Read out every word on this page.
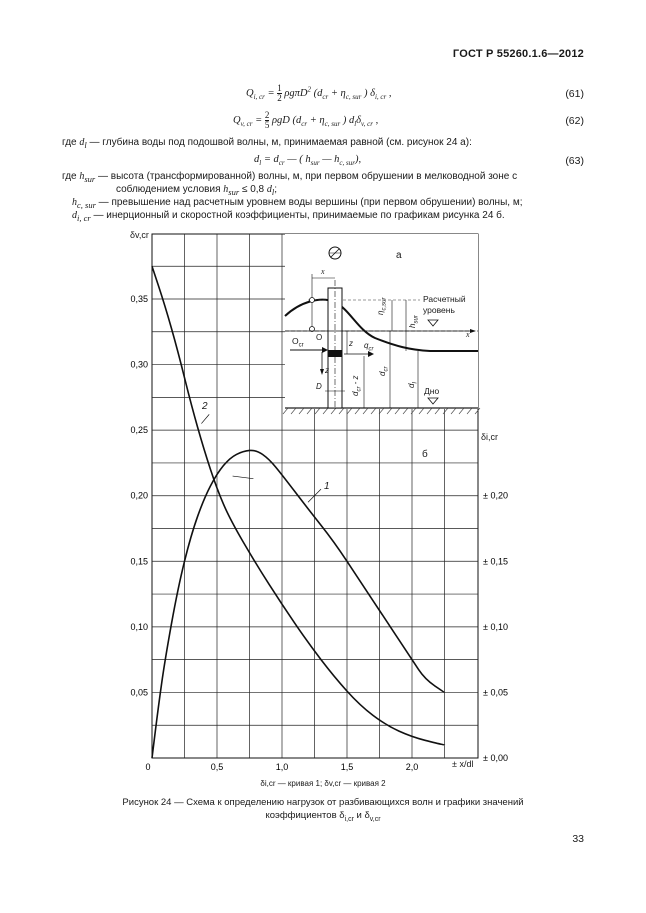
ГОСТ Р 55260.1.6—2012
$Q_{i, cr} = 1$
2 ρgπD$^2$ ($d_{cr} + \eta_{c, sur}$ ) $\delta_{i, cr}$ ,	(61)
$Q_{v, cr} = 2$
5 ρgD ($d_{cr} + \eta_{c, sur}$ ) $d_l\delta_{v, cr}$ ,	(62)
где $d_l$ — глубина воды под подошвой волны, м, принимаемая равной (см. рисунок 24 а):
$d_l = d_{cr}$ — ( $h_{sur}$ — $h_{c, sur}$),	(63)
где $h_{sur}$ — высота (трансформированной) волны, м, при первом обрушении в мелководной зоне с
соблюдением условия $h_{sur} \le 0,8$ $d_l$;
$h_{c, sur}$ — превышение над расчетным уровнем воды вершины (при первом обрушении) волны, м;
$d_{i, cr}$ — инерционный и скоростной коэффициенты, принимаемые по графикам рисунка 24 б.
0,05
0,10
0,15
0,20
0,25
0,30
0,35
± 0,00
± 0,05
± 0,10
± 0,15
± 0,20
0	0,5	1,0	1,5	2,0
а
x
x
O
$O_{cr}$
z
z
D
$q_{cr}$
Расчетный уровень
Дно
$\eta_{c,sur}$
$h_{sur}$
$d_{cr}$ - z
$d_{cr}$
$d_l$
δv,cr
δi,cr
± x/dl
б
1
2
δi,cr — кривая 1; δv,cr — кривая 2
Рисунок 24 — Схема к определению нагрузок от разбивающихся волн и графики значений
коэффициентов $\delta_{i,cr}$ и $\delta_{v,cr}$
33
